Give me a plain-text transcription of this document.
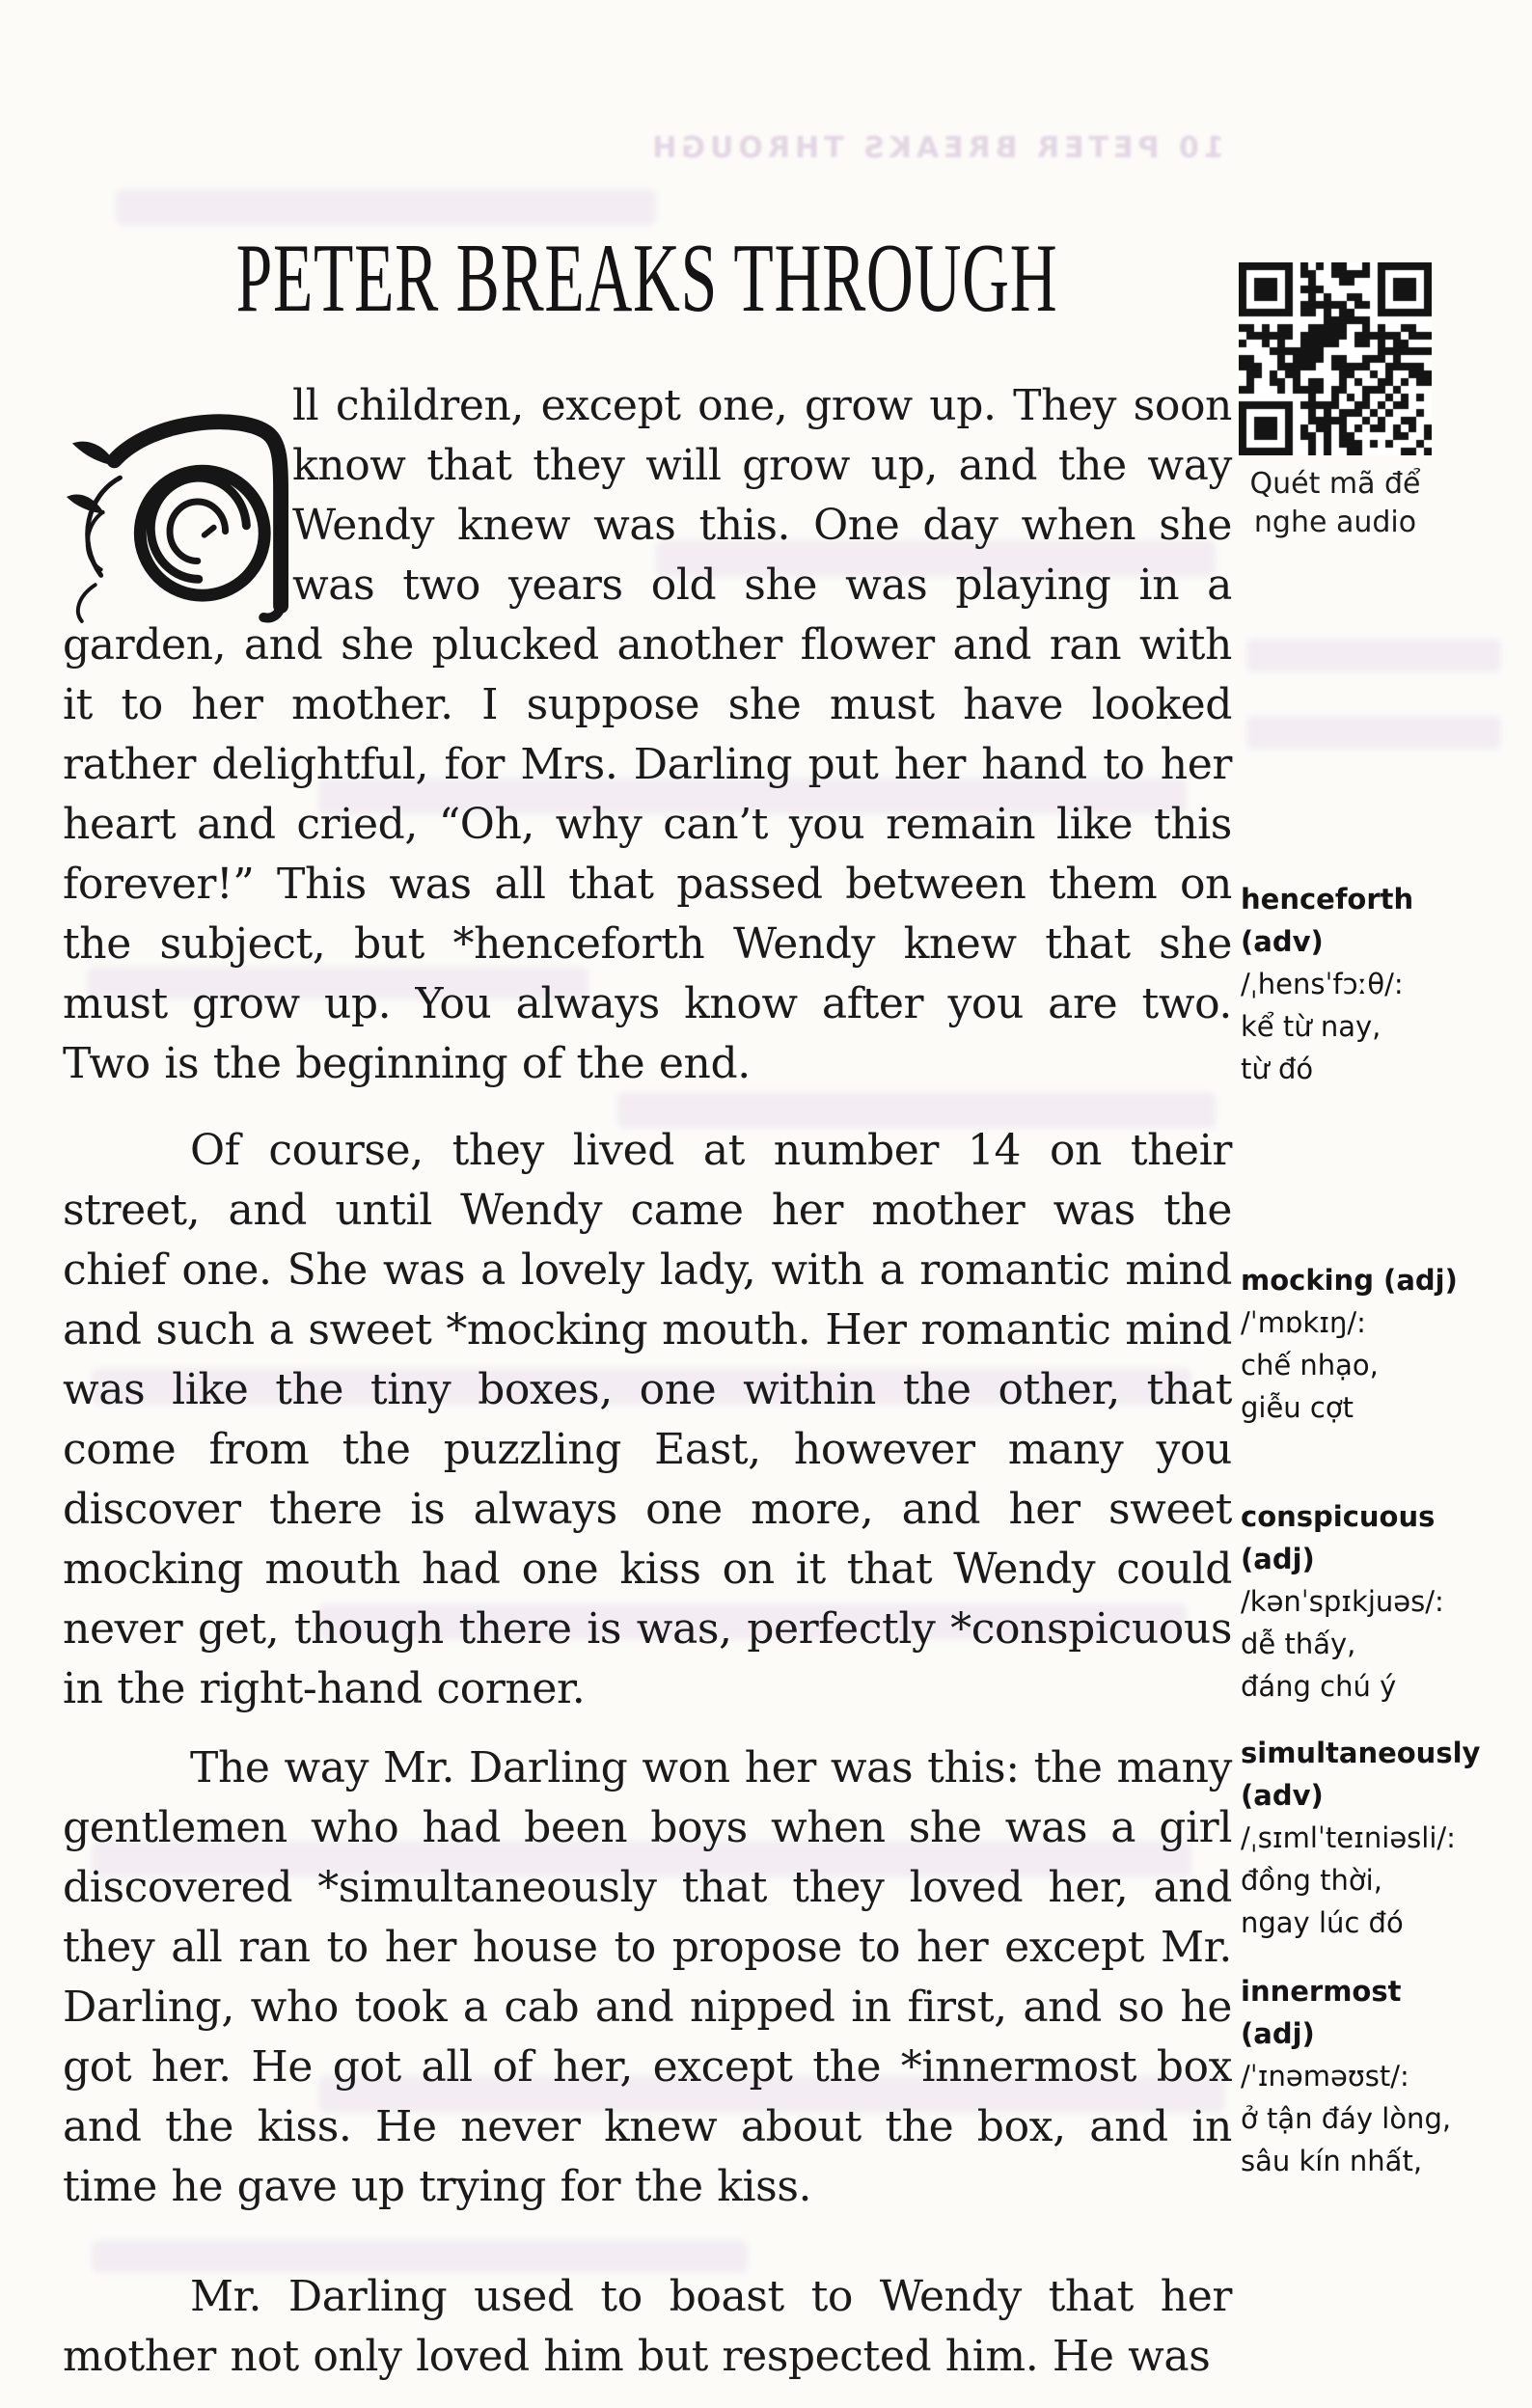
10 PETER BREAKS THROUGH
PETER BREAKS THROUGH

ll children, except one, grow up. They soon know that they will grow up, and the way Wendy knew was this. One day when she was two years old she was playing in a garden, and she plucked another flower and ran with it to her mother. I suppose she must have looked rather delightful, for Mrs. Darling put her hand to her heart and cried, “Oh, why can’t you remain like this forever!” This was all that passed between them on the subject, but *henceforth Wendy knew that she must grow up. You always know after you are two. Two is the beginning of the end.

Of course, they lived at number 14 on their street, and until Wendy came her mother was the chief one. She was a lovely lady, with a romantic mind and such a sweet *mocking mouth. Her romantic mind was like the tiny boxes, one within the other, that come from the puzzling East, however many you discover there is always one more, and her sweet mocking mouth had one kiss on it that Wendy could never get, though there is was, perfectly *conspicuous in the right-hand corner.

The way Mr. Darling won her was this: the many gentlemen who had been boys when she was a girl discovered *simultaneously that they loved her, and they all ran to her house to propose to her except Mr. Darling, who took a cab and nipped in first, and so he got her. He got all of her, except the *innermost box and the kiss. He never knew about the box, and in time he gave up trying for the kiss.

Mr. Darling used to boast to Wendy that her mother not only loved him but respected him. He was

Quét mã để
nghe audio
henceforth
(adv)
/ˌhensˈfɔːθ/:
kể từ nay,
từ đó
mocking (adj)
/ˈmɒkɪŋ/:
chế nhạo,
giễu cợt
conspicuous
(adj)
/kənˈspɪkjuəs/:
dễ thấy,
đáng chú ý
simultaneously
(adv)
/ˌsɪmlˈteɪniəsli/:
đồng thời,
ngay lúc đó
innermost
(adj)
/ˈɪnəməʊst/:
ở tận đáy lòng,
sâu kín nhất,
